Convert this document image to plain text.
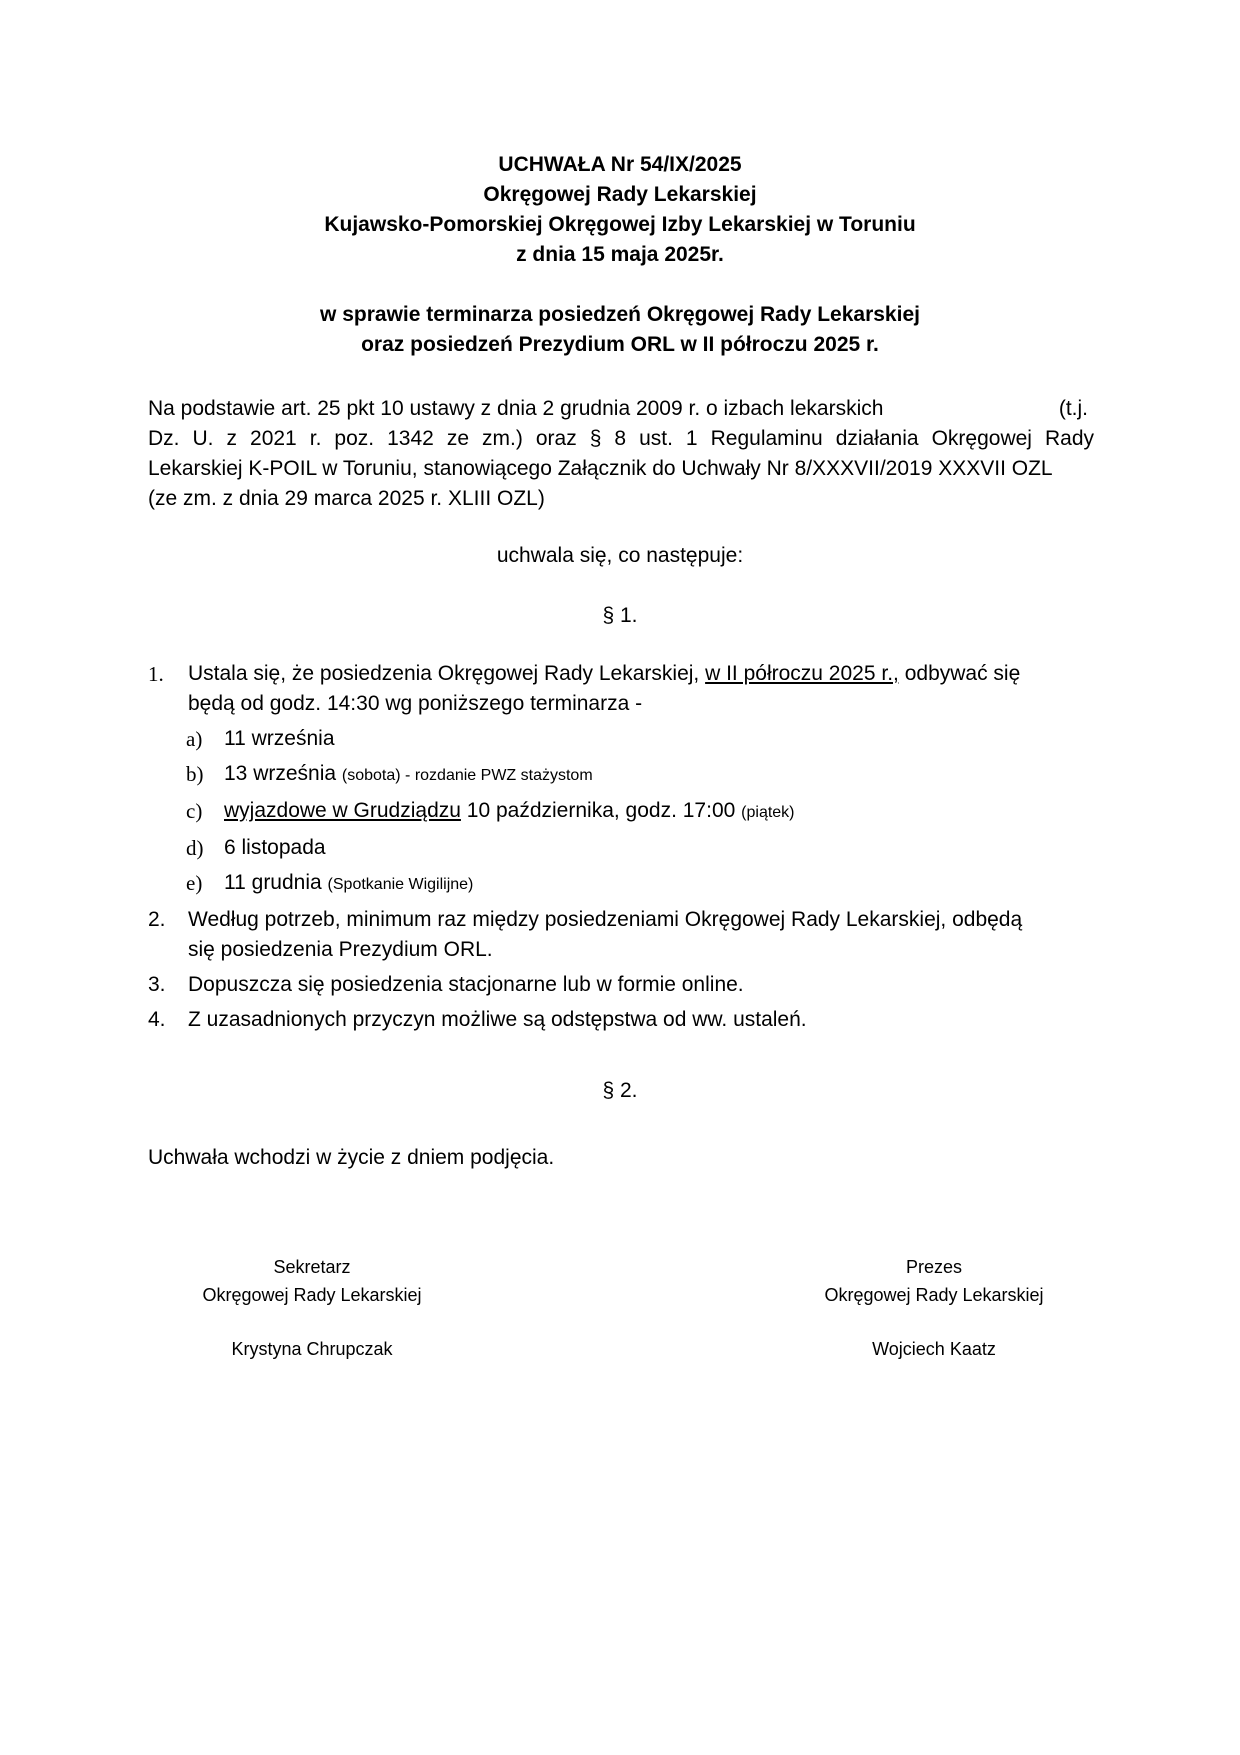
UCHWAŁA Nr 54/IX/2025
Okręgowej Rady Lekarskiej
Kujawsko-Pomorskiej Okręgowej Izby Lekarskiej w Toruniu
z dnia 15 maja 2025r.
w sprawie terminarza posiedzeń Okręgowej Rady Lekarskiej
oraz posiedzeń Prezydium ORL w II półroczu 2025 r.
Na podstawie art. 25 pkt 10 ustawy z dnia 2 grudnia 2009 r. o izbach lekarskich	(t.j.
Dz. U. z 2021 r. poz. 1342 ze zm.) oraz § 8 ust. 1 Regulaminu działania Okręgowej Rady
Lekarskiej K-POIL w Toruniu, stanowiącego Załącznik do Uchwały Nr 8/XXXVII/2019 XXXVII OZL
(ze zm. z dnia 29 marca 2025 r. XLIII OZL)
uchwala się, co następuje:
§ 1.
1.	Ustala się, że posiedzenia Okręgowej Rady Lekarskiej, w II półroczu 2025 r., odbywać się
będą od godz. 14:30 wg poniższego terminarza -
a) 11 września
b) 13 września (sobota) - rozdanie PWZ stażystom
c) wyjazdowe w Grudziądzu 10 października, godz. 17:00 (piątek)
d) 6 listopada
e) 11 grudnia (Spotkanie Wigilijne)
2.	Według potrzeb, minimum raz między posiedzeniami Okręgowej Rady Lekarskiej, odbędą
się posiedzenia Prezydium ORL.
3.	Dopuszcza się posiedzenia stacjonarne lub w formie online.
4.	Z uzasadnionych przyczyn możliwe są odstępstwa od ww. ustaleń.
§ 2.
Uchwała wchodzi w życie z dniem podjęcia.
Sekretarz
Okręgowej Rady Lekarskiej
Krystyna Chrupczak
Prezes
Okręgowej Rady Lekarskiej
Wojciech Kaatz
